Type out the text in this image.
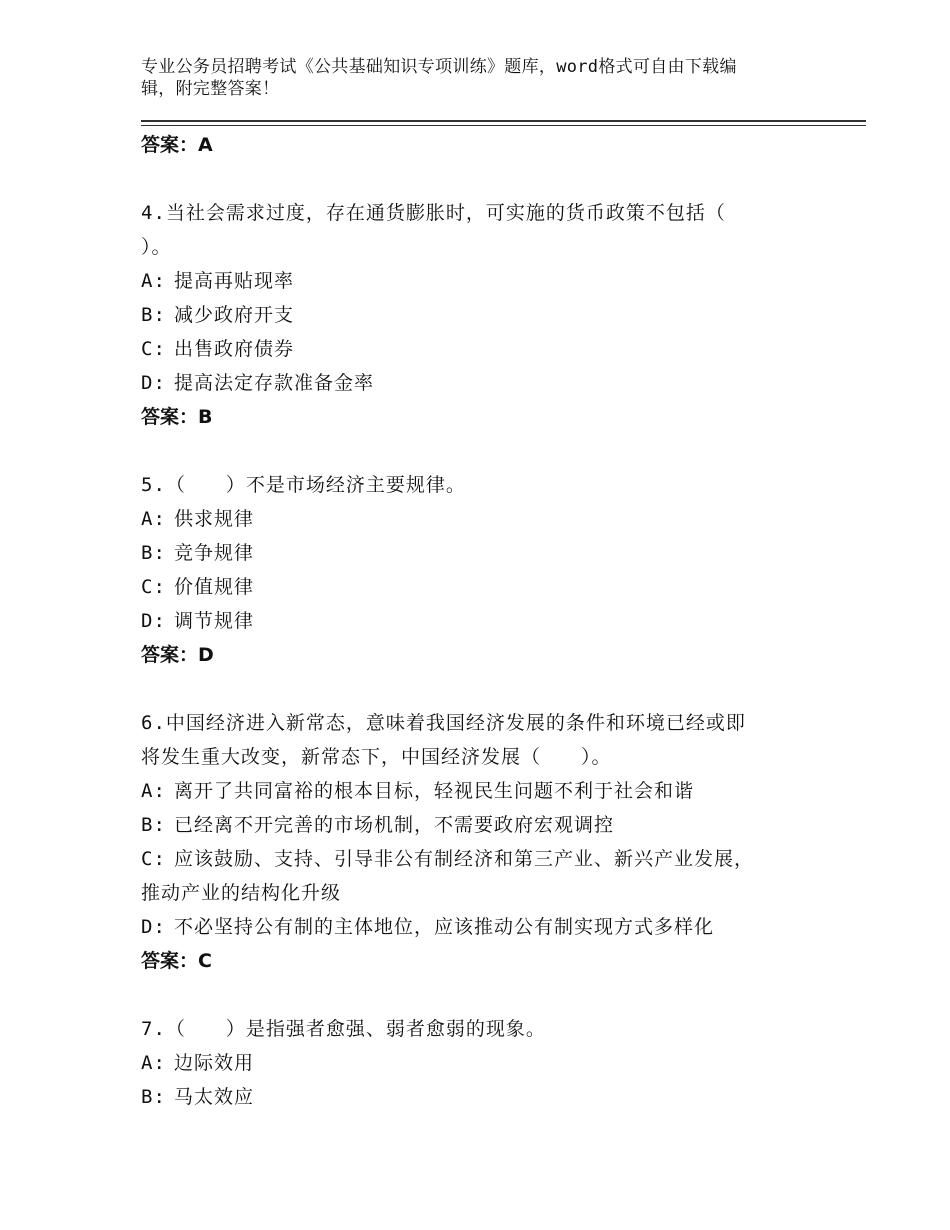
专业公务员招聘考试《公共基础知识专项训练》题库，word格式可自由下载编
辑，附完整答案！

答案：A

4.当社会需求过度，存在通货膨胀时，可实施的货币政策不包括（

）。

A: 提高再贴现率

B: 减少政府开支

C: 出售政府债券

D: 提高法定存款准备金率

答案：B

5.（　　）不是市场经济主要规律。

A: 供求规律

B: 竞争规律

C: 价值规律

D: 调节规律

答案：D

6.中国经济进入新常态，意味着我国经济发展的条件和环境已经或即

将发生重大改变，新常态下，中国经济发展（　　）。

A: 离开了共同富裕的根本目标，轻视民生问题不利于社会和谐

B: 已经离不开完善的市场机制，不需要政府宏观调控

C: 应该鼓励、支持、引导非公有制经济和第三产业、新兴产业发展，

推动产业的结构化升级

D: 不必坚持公有制的主体地位，应该推动公有制实现方式多样化

答案：C

7.（　　）是指强者愈强、弱者愈弱的现象。

A: 边际效用

B: 马太效应
